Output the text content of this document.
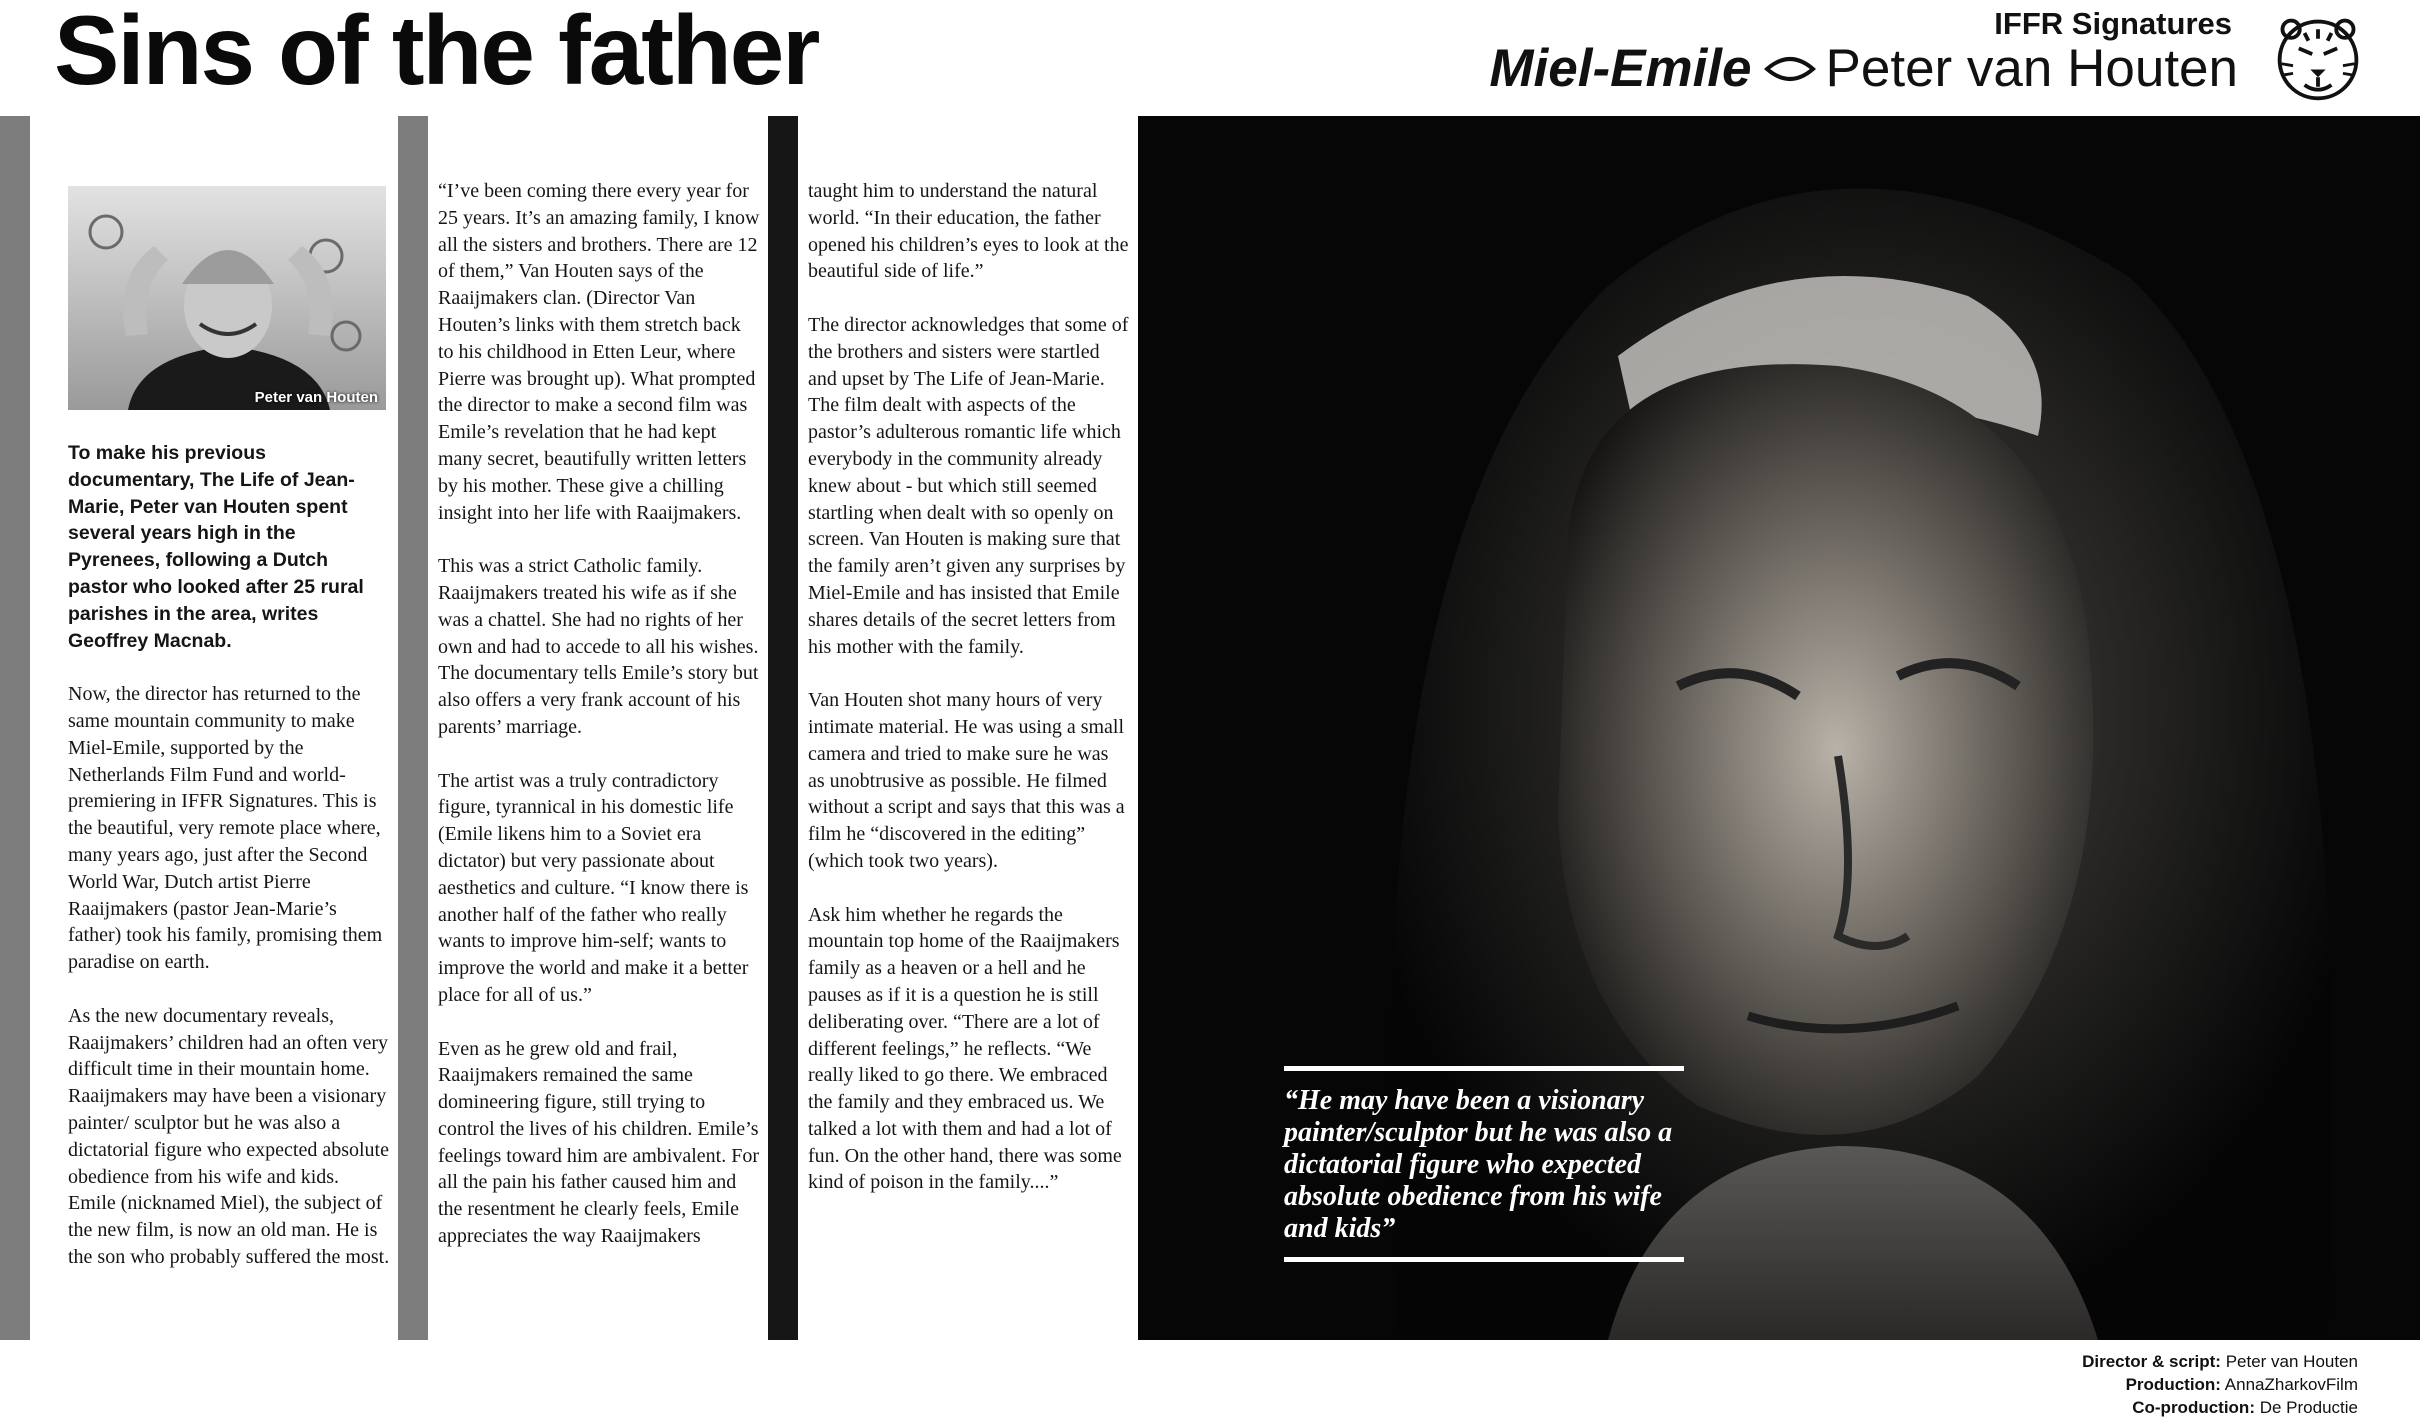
Sins of the father	IFFR Signatures
Miel-Emile Peter van Houten
Peter van Houten

To make his previous documentary, The Life of Jean-Marie, Peter van Houten spent several years high in the Pyrenees, following a Dutch pastor who looked after 25 rural parishes in the area, writes Geoffrey Macnab.

Now, the director has returned to the same mountain community to make Miel-Emile, supported by the Netherlands Film Fund and world-premiering in IFFR Signatures. This is the beautiful, very remote place where, many years ago, just after the Second World War, Dutch artist Pierre Raaijmakers (pastor Jean-Marie’s father) took his family, promising them paradise on earth.

As the new documentary reveals, Raaijmakers’ children had an often very difficult time in their mountain home. Raaijmakers may have been a visionary painter/ sculptor but he was also a dictatorial figure who expected absolute obedience from his wife and kids. Emile (nicknamed Miel), the subject of the new film, is now an old man. He is the son who probably suffered the most.

“I’ve been coming there every year for 25 years. It’s an amazing family, I know all the sisters and brothers. There are 12 of them,” Van Houten says of the Raaijmakers clan. (Director Van Houten’s links with them stretch back to his childhood in Etten Leur, where Pierre was brought up). What prompted the director to make a second film was Emile’s revelation that he had kept many secret, beautifully written letters by his mother. These give a chilling insight into her life with Raaijmakers.

This was a strict Catholic family. Raaijmakers treated his wife as if she was a chattel. She had no rights of her own and had to accede to all his wishes. The documentary tells Emile’s story but also offers a very frank account of his parents’ marriage.

The artist was a truly contradictory figure, tyrannical in his domestic life (Emile likens him to a Soviet era dictator) but very passionate about aesthetics and culture. “I know there is another half of the father who really wants to improve him-self; wants to improve the world and make it a better place for all of us.”

Even as he grew old and frail, Raaijmakers remained the same domineering figure, still trying to control the lives of his children. Emile’s feelings toward him are ambivalent. For all the pain his father caused him and the resentment he clearly feels, Emile appreciates the way Raaijmakers

taught him to understand the natural world. “In their education, the father opened his children’s eyes to look at the beautiful side of life.”

The director acknowledges that some of the brothers and sisters were startled and upset by The Life of Jean-Marie. The film dealt with aspects of the pastor’s adulterous romantic life which everybody in the community already knew about - but which still seemed startling when dealt with so openly on screen. Van Houten is making sure that the family aren’t given any surprises by Miel-Emile and has insisted that Emile shares details of the secret letters from his mother with the family.

Van Houten shot many hours of very intimate material. He was using a small camera and tried to make sure he was as unobtrusive as possible. He filmed without a script and says that this was a film he “discovered in the editing” (which took two years).

Ask him whether he regards the mountain top home of the Raaijmakers family as a heaven or a hell and he pauses as if it is a question he is still deliberating over. “There are a lot of different feelings,” he reflects. “We really liked to go there. We embraced the family and they embraced us. We talked a lot with them and had a lot of fun. On the other hand, there was some kind of poison in the family....”

“He may have been a visionary painter/sculptor but he was also a dictatorial figure who expected absolute obedience from his wife and kids”

Director & script: Peter van Houten
Production: AnnaZharkovFilm
Co-production: De Productie
